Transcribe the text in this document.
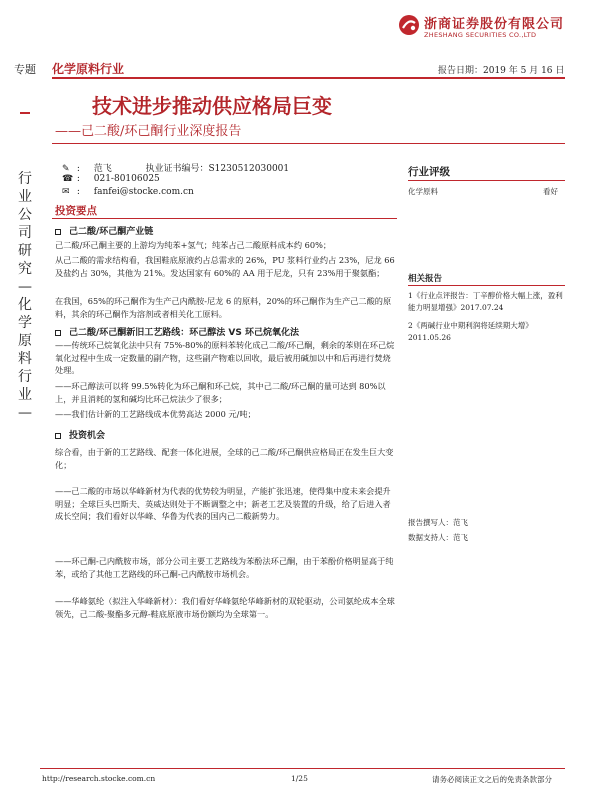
浙商证券股份有限公司
ZHESHANG SECURITIES CO.,LTD
化学原料行业	报告日期：2019 年 5 月 16 日
专题
行业公司研究—化学原料行业—
技术进步推动供应格局巨变
——己二酸/环己酮行业深度报告
✎ : 范飞	执业证书编号：S1230512030001
☎ : 021-80106025
✉ : fanfei@stocke.com.cn
投资要点
己二酸/环己酮产业链
己二酸/环己酮主要的上游均为纯苯+氢气；纯苯占己二酸原料成本约 60%；
从己二酸的需求结构看，我国鞋底原液约占总需求的 26%，PU 浆料行业约占 23%，尼龙 66 及盐约占 30%，其他为 21%。发达国家有 60%的 AA 用于尼龙，只有 23%用于聚氨酯；
在我国，65%的环己酮作为生产己内酰胺-尼龙 6 的原料，20%的环己酮作为生产己二酸的原料，其余的环己酮作为溶剂或者相关化工原料。
己二酸/环己酮新旧工艺路线：环己醇法 VS 环己烷氧化法
——传统环己烷氧化法中只有 75%-80%的原料苯转化成己二酸/环己酮，剩余的苯则在环己烷氧化过程中生成一定数量的副产物，这些副产物难以回收，最后被用碱加以中和后再进行焚烧处理。
——环己醇法可以将 99.5%转化为环己酮和环己烷，其中己二酸/环己酮的量可达到 80%以上，并且消耗的氢和碱均比环己烷法少了很多；
——我们估计新的工艺路线成本优势高达 2000 元/吨；
投资机会
综合看，由于新的工艺路线、配套一体化进展，全球的己二酸/环己酮供应格局正在发生巨大变化；
——己二酸的市场以华峰新材为代表的优势较为明显，产能扩张迅速，使得集中度未来会提升明显；全球巨头巴斯夫、英威达则处于不断调整之中；新老工艺及装置的升级，给了后进入者成长空间；我们看好以华峰、华鲁为代表的国内己二酸新势力。
——环己酮-己内酰胺市场，部分公司主要工艺路线为苯酚法环己酮，由于苯酚价格明显高于纯苯，或给了其他工艺路线的环己酮-己内酰胺市场机会。
——华峰氨纶（拟注入华峰新材）：我们看好华峰氨纶华峰新材的双轮驱动，公司氨纶成本全球领先，己二酸-聚酯多元醇-鞋底原液市场份额均为全球第一。
行业评级
化学原料	看好
相关报告
1《行业点评报告：丁辛醇价格大幅上涨，盈利能力明显增强》2017.07.24
2《两碱行业中期利润将延续期大增》2011.05.26
报告撰写人：范飞
数据支持人：范飞
http://research.stocke.com.cn	1/25	请务必阅读正文之后的免责条款部分
